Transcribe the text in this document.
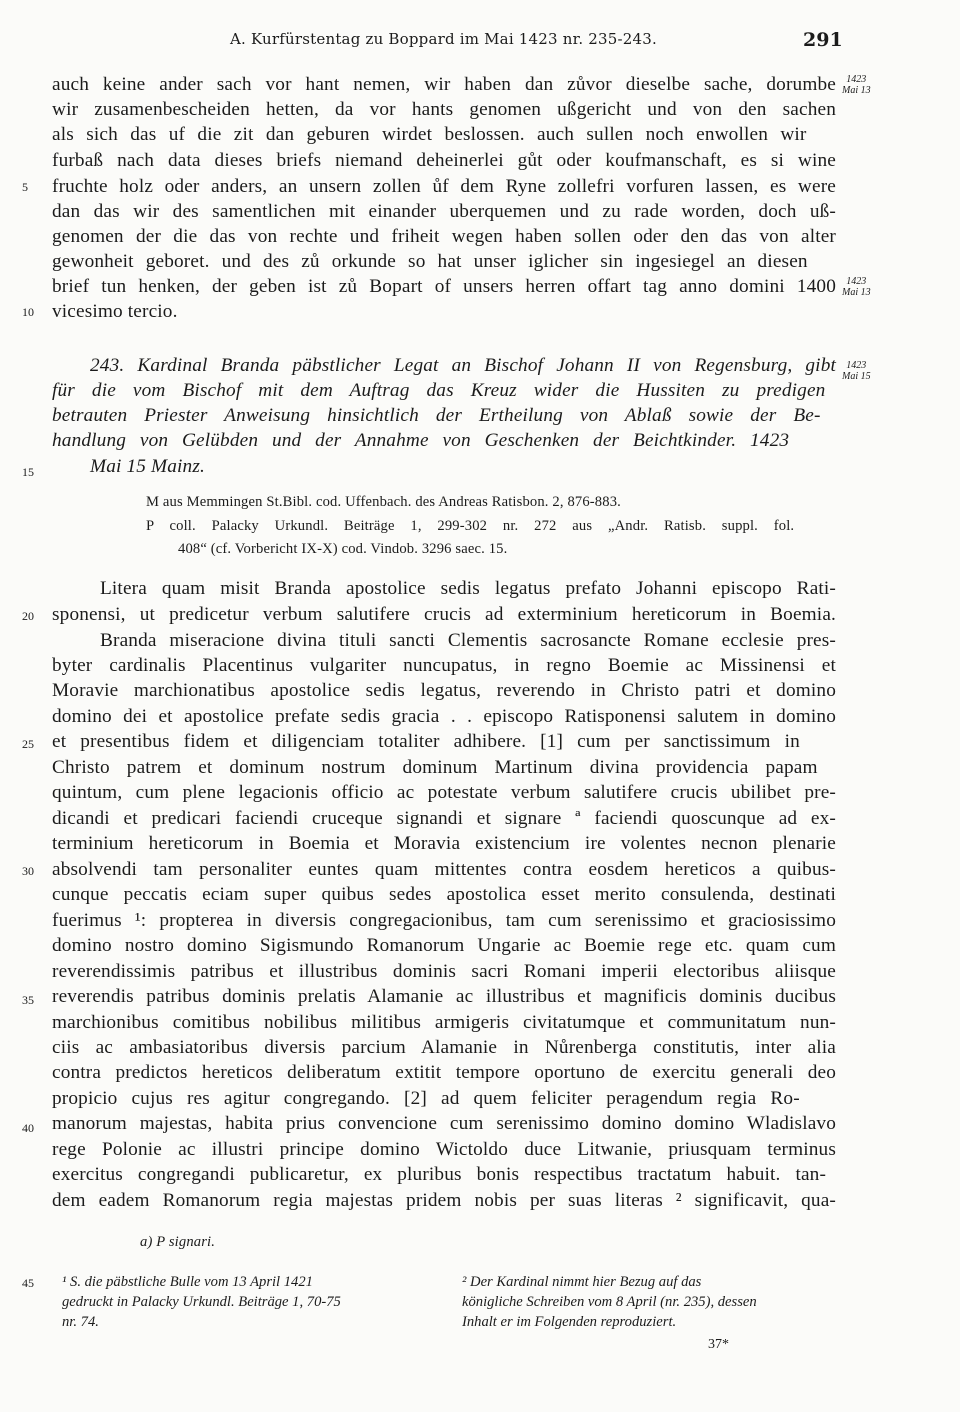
A. Kurfürstentag zu Boppard im Mai 1423 nr. 235-243.	291
1423
Mai 13
1423
Mai 13
1423
Mai 15
5
10
15
20
25
30
35
40
45
auch keine ander sach vor hant nemen, wir haben dan zůvor dieselbe sache, dorumbe
wir zusamenbescheiden hetten, da vor hants genomen ußgericht und von den sachen
als sich das uf die zit dan geburen wirdet beslossen. auch sullen noch enwollen wir
furbaß nach data dieses briefs niemand deheinerlei gůt oder koufmanschaft, es si wine
fruchte holz oder anders, an unsern zollen ůf dem Ryne zollefri vorfuren lassen, es were
dan das wir des samentlichen mit einander uberquemen und zu rade worden, doch uß-
genomen der die das von rechte und friheit wegen haben sollen oder den das von alter
gewonheit geboret. und des zů orkunde so hat unser iglicher sin ingesiegel an diesen
brief tun henken, der geben ist zů Bopart of unsers herren offart tag anno domini 1400
vicesimo tercio.
243. Kardinal Branda päbstlicher Legat an Bischof Johann II von Regensburg, gibt
für die vom Bischof mit dem Auftrag das Kreuz wider die Hussiten zu predigen
betrauten Priester Anweisung hinsichtlich der Ertheilung von Ablaß sowie der Be-
handlung von Gelübden und der Annahme von Geschenken der Beichtkinder. 1423
Mai 15 Mainz.
M aus Memmingen St.Bibl. cod. Uffenbach. des Andreas Ratisbon. 2, 876-883.
P coll. Palacky Urkundl. Beiträge 1, 299-302 nr. 272 aus „Andr. Ratisb. suppl. fol.
408“ (cf. Vorbericht IX-X) cod. Vindob. 3296 saec. 15.
Litera quam misit Branda apostolice sedis legatus prefato Johanni episcopo Rati-
sponensi, ut predicetur verbum salutifere crucis ad exterminium hereticorum in Boemia.
Branda miseracione divina tituli sancti Clementis sacrosancte Romane ecclesie pres-
byter cardinalis Placentinus vulgariter nuncupatus, in regno Boemie ac Missinensi et
Moravie marchionatibus apostolice sedis legatus, reverendo in Christo patri et domino
domino dei et apostolice prefate sedis gracia . . episcopo Ratisponensi salutem in domino
et presentibus fidem et diligenciam totaliter adhibere. [1] cum per sanctissimum in
Christo patrem et dominum nostrum dominum Martinum divina providencia papam
quintum, cum plene legacionis officio ac potestate verbum salutifere crucis ubilibet pre-
dicandi et predicari faciendi cruceque signandi et signare ª faciendi quoscunque ad ex-
terminium hereticorum in Boemia et Moravia existencium ire volentes necnon plenarie
absolvendi tam personaliter euntes quam mittentes contra eosdem hereticos a quibus-
cunque peccatis eciam super quibus sedes apostolica esset merito consulenda, destinati
fuerimus ¹: propterea in diversis congregacionibus, tam cum serenissimo et graciosissimo
domino nostro domino Sigismundo Romanorum Ungarie ac Boemie rege etc. quam cum
reverendissimis patribus et illustribus dominis sacri Romani imperii electoribus aliisque
reverendis patribus dominis prelatis Alamanie ac illustribus et magnificis dominis ducibus
marchionibus comitibus nobilibus militibus armigeris civitatumque et communitatum nun-
ciis ac ambasiatoribus diversis parcium Alamanie in Nůrenberga constitutis, inter alia
contra predictos hereticos deliberatum extitit tempore oportuno de exercitu generali deo
propicio cujus res agitur congregando. [2] ad quem feliciter peragendum regia Ro-
manorum majestas, habita prius convencione cum serenissimo domino domino Wladislavo
rege Polonie ac illustri principe domino Wictoldo duce Litwanie, priusquam terminus
exercitus congregandi publicaretur, ex pluribus bonis respectibus tractatum habuit. tan-
dem eadem Romanorum regia majestas pridem nobis per suas literas ² significavit, qua-
a) P signari.
¹ S. die päbstliche Bulle vom 13 April 1421
gedruckt in Palacky Urkundl. Beiträge 1, 70-75
nr. 74.
² Der Kardinal nimmt hier Bezug auf das
königliche Schreiben vom 8 April (nr. 235), dessen
Inhalt er im Folgenden reproduziert.
37*
